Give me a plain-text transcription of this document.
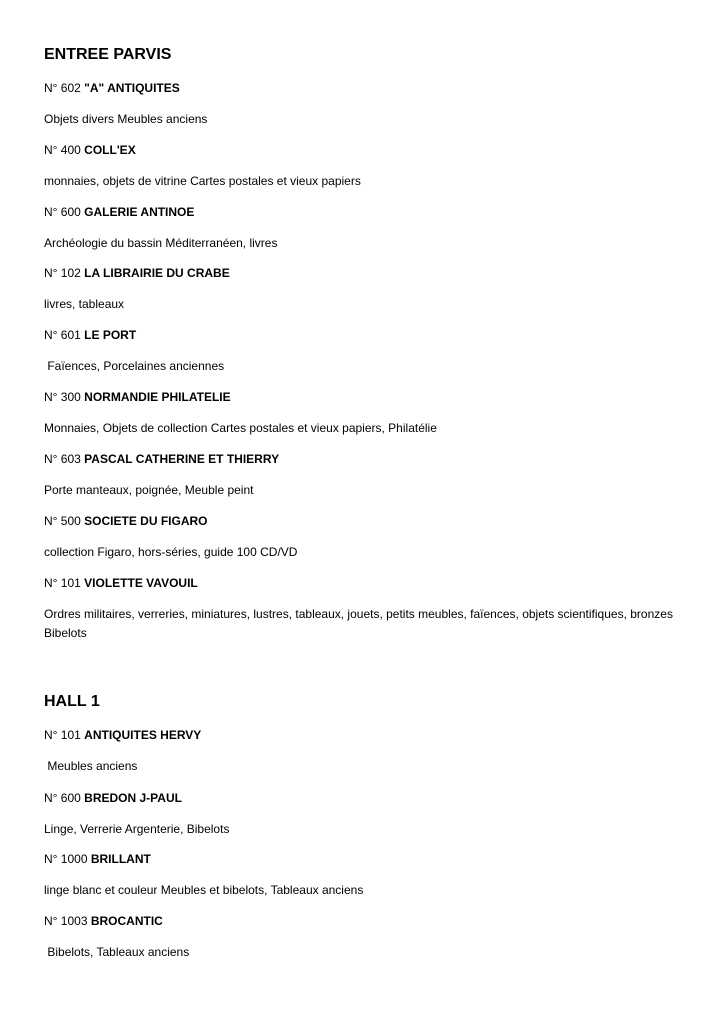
ENTREE PARVIS

N° 602 "A" ANTIQUITES

Objets divers Meubles anciens

N° 400 COLL'EX

monnaies, objets de vitrine Cartes postales et vieux papiers

N° 600 GALERIE ANTINOE

Archéologie du bassin Méditerranéen, livres

N° 102 LA LIBRAIRIE DU CRABE

livres, tableaux

N° 601 LE PORT

Faïences, Porcelaines anciennes

N° 300 NORMANDIE PHILATELIE

Monnaies, Objets de collection Cartes postales et vieux papiers, Philatélie

N° 603 PASCAL CATHERINE ET THIERRY

Porte manteaux, poignée, Meuble peint

N° 500 SOCIETE DU FIGARO

collection Figaro, hors-séries, guide 100 CD/VD

N° 101 VIOLETTE VAVOUIL

Ordres militaires, verreries, miniatures, lustres, tableaux, jouets, petits meubles, faïences, objets scientifiques, bronzes Bibelots

HALL 1

N° 101 ANTIQUITES HERVY

Meubles anciens

N° 600 BREDON J-PAUL

Linge, Verrerie Argenterie, Bibelots

N° 1000 BRILLANT

linge blanc et couleur Meubles et bibelots, Tableaux anciens

N° 1003 BROCANTIC

Bibelots, Tableaux anciens
